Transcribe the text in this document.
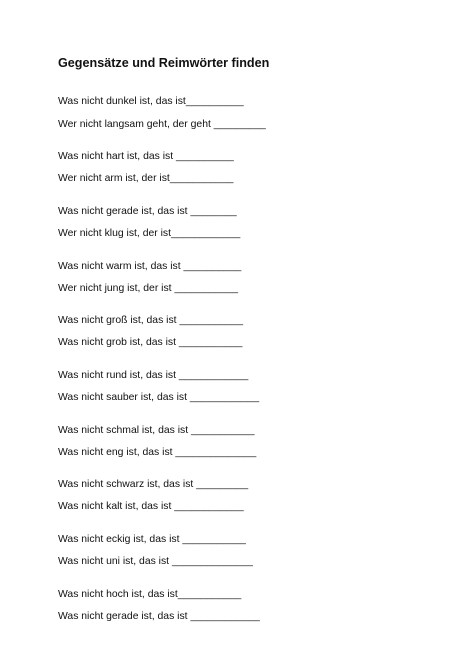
Gegensätze und Reimwörter finden
Was nicht dunkel ist, das ist__________
Wer nicht langsam geht, der geht _________
Was nicht hart ist, das ist __________
Wer nicht arm ist, der ist___________
Was nicht gerade ist, das ist ________
Wer nicht klug ist, der ist____________
Was nicht warm ist, das ist __________
Wer nicht jung ist, der ist ___________
Was nicht groß ist, das ist ___________
Was nicht grob ist, das ist ___________
Was nicht rund ist, das ist ____________
Was nicht sauber ist, das ist ____________
Was nicht schmal ist, das ist ___________
Was nicht eng ist, das ist ______________
Was nicht schwarz ist, das ist _________
Was nicht kalt ist, das ist ____________
Was nicht eckig ist, das ist ___________
Was nicht uni ist, das ist ______________
Was nicht hoch ist, das ist___________
Was nicht gerade ist, das ist ____________
